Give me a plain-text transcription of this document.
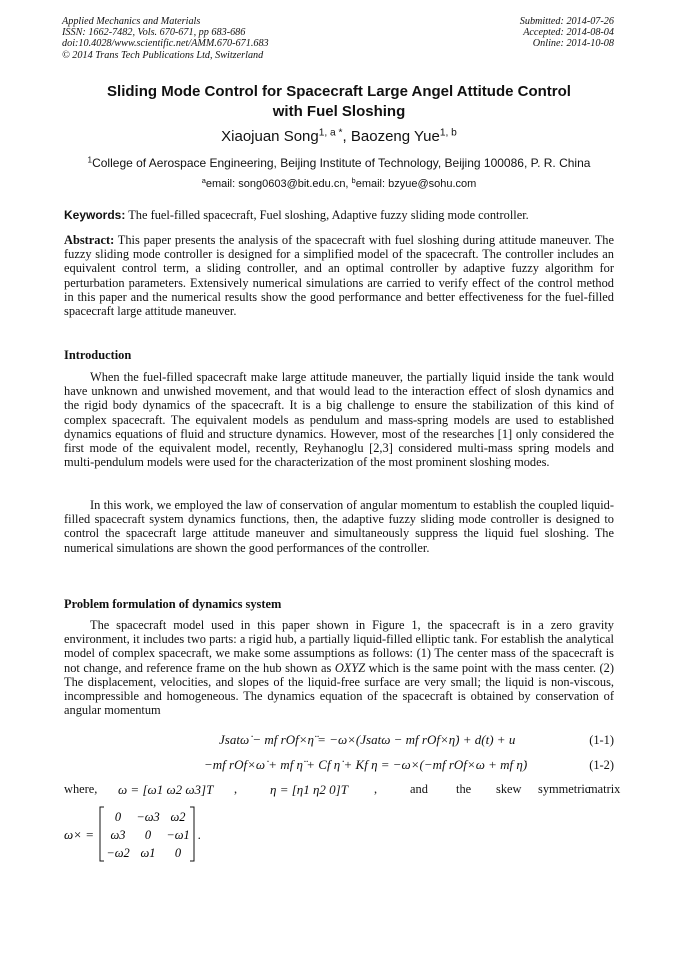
Applied Mechanics and Materials
ISSN: 1662-7482, Vols. 670-671, pp 683-686
doi:10.4028/www.scientific.net/AMM.670-671.683
© 2014 Trans Tech Publications Ltd, Switzerland
Submitted: 2014-07-26
Accepted: 2014-08-04
Online: 2014-10-08
Sliding Mode Control for Spacecraft Large Angel Attitude Control
with Fuel Sloshing
Xiaojuan Song$^{1, a *}$, Baozeng Yue$^{1, b}$
$^1$College of Aerospace Engineering, Beijing Institute of Technology, Beijing 100086, P. R. China
$^a$email: song0603@bit.edu.cn, $^b$email: bzyue@sohu.com

Keywords: The fuel-filled spacecraft, Fuel sloshing, Adaptive fuzzy sliding mode controller.

Abstract: This paper presents the analysis of the spacecraft with fuel sloshing during attitude maneuver. The fuzzy sliding mode controller is designed for a simplified model of the spacecraft. The controller includes an equivalent control term, a sliding controller, and an optimal controller by adaptive fuzzy algorithm for perturbation parameters. Extensively numerical simulations are carried to verify effect of the control method in this paper and the numerical results show the good performance and better effectiveness for the fuel-filled spacecraft large attitude maneuver.

Introduction

When the fuel-filled spacecraft make large attitude maneuver, the partially liquid inside the tank would have unknown and unwished movement, and that would lead to the interaction effect of slosh dynamics and the rigid body dynamics of the spacecraft. It is a big challenge to ensure the stabilization of this kind of complex spacecraft. The equivalent models as pendulum and mass-spring models are used to established dynamics equations of fluid and structure dynamics. However, most of the researches [1] only considered the first mode of the equivalent model, recently, Reyhanoglu [2,3] considered multi-mass spring models and multi-pendulum models were used for the characterization of the most prominent sloshing modes.

In this work, we employed the law of conservation of angular momentum to establish the coupled liquid-filled spacecraft system dynamics functions, then, the adaptive fuzzy sliding mode controller is designed to control the spacecraft large attitude maneuver and simultaneously suppress the liquid fuel sloshing. The numerical simulations are shown the good performances of the controller.

Problem formulation of dynamics system

The spacecraft model used in this paper shown in Figure 1, the spacecraft is in a zero gravity environment, it includes two parts: a rigid hub, a partially liquid-filled elliptic tank. For establish the analytical model of complex spacecraft, we make some assumptions as follows: (1) The center mass of the spacecraft is not change, and reference frame on the hub shown as OXYZ which is the same point with the mass center. (2) The displacement, velocities, and slopes of the liquid-free surface are very small; the liquid is non-viscous, incompressible and homogeneous. The dynamics equation of the spacecraft is obtained by conservation of angular momentum

Jsatω̇ − mf rOf×η̈ = −ω×(Jsatω − mf rOf×η̇) + d(t) + u	(1-1)
−mf rOf×ω̇ + mf η̈ + Cf η̇ + Kf η = −ω×(−mf rOf×ω + mf η̇)	(1-2)
where, ω = [ω1 ω2 ω3]T ,	η = [η1 η2 0]T ,	and the skew symmetric
matrix
ω× =
0 −ω3 ω2
ω3 0 −ω1
−ω2 ω1 0
.
